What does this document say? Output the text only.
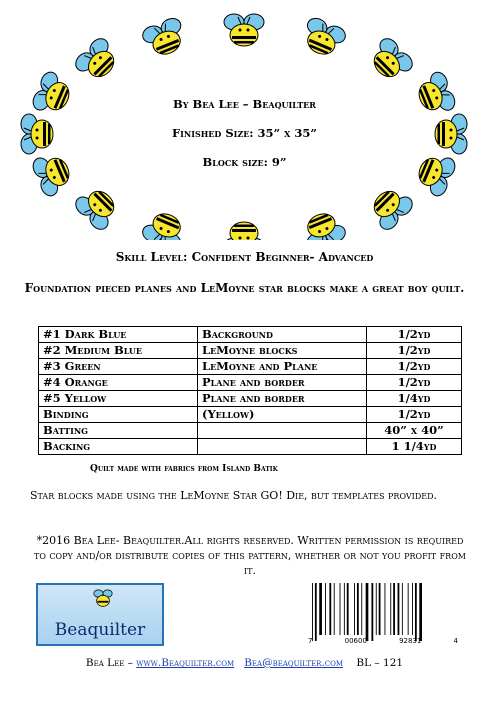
By Bea Lee – Beaquilter
Finished Size: 35” x 35”
Block size: 9”
Skill Level: Confident Beginner- Advanced
Foundation pieced planes and LeMoyne star blocks make a great boy quilt.
#1 Dark Blue	Background	1/2yd
#2 Medium Blue	LeMoyne blocks	1/2yd
#3 Green	LeMoyne and Plane	1/2yd
#4 Orange	Plane and border	1/2yd
#5 Yellow	Plane and border	1/4yd
Binding	(Yellow)	1/2yd
Batting		40” x 40”
Backing		1 1/4yd
Quilt made with fabrics from Island Batik
Star blocks made using the LeMoyne Star GO! Die, but templates provided.
*2016 Bea Lee- Beaquilter.All rights reserved. Written permission is required to copy and/or distribute copies of this pattern, whether or not you profit from it.
Beaquilter
7	00600	92831	4
Bea Lee – www.Beaquilter.com Bea@beaquilter.com BL – 121
